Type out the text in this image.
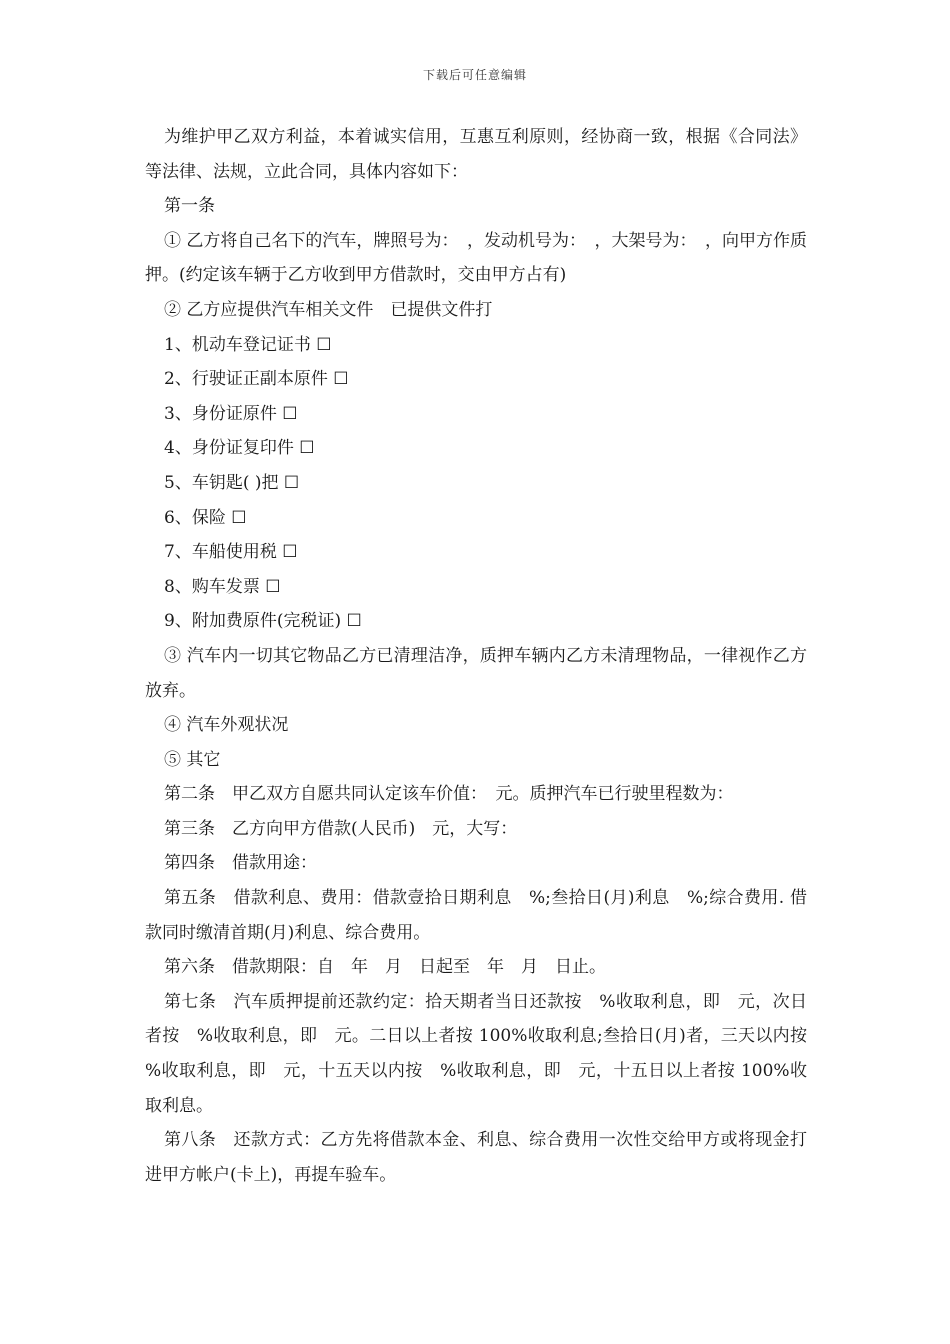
下载后可任意编辑

为维护甲乙双方利益，本着诚实信用，互惠互利原则，经协商一致，根据《合同法》等法律、法规，立此合同，具体内容如下：

第一条

① 乙方将自己名下的汽车，牌照号为：　，发动机号为：　，大架号为：　，向甲方作质押。(约定该车辆于乙方收到甲方借款时，交由甲方占有)

② 乙方应提供汽车相关文件　已提供文件打

1、机动车登记证书 ☐

2、行驶证正副本原件 ☐

3、身份证原件 ☐

4、身份证复印件 ☐

5、车钥匙( )把 ☐

6、保险 ☐

7、车船使用税 ☐

8、购车发票 ☐

9、附加费原件(完税证) ☐

③ 汽车内一切其它物品乙方已清理洁净，质押车辆内乙方未清理物品，一律视作乙方放弃。

④ 汽车外观状况

⑤ 其它

第二条　甲乙双方自愿共同认定该车价值：　元。质押汽车已行驶里程数为：

第三条　乙方向甲方借款(人民币)　元，大写：

第四条　借款用途：

第五条　借款利息、费用：借款壹拾日期利息　%;叁拾日(月)利息　%;综合费用. 借款同时缴清首期(月)利息、综合费用。

第六条　借款期限：自　年　月　日起至　年　月　日止。

第七条　汽车质押提前还款约定：拾天期者当日还款按　%收取利息，即　元，次日者按　%收取利息，即　元。二日以上者按 100%收取利息;叁拾日(月)者，三天以内按　%收取利息，即　元，十五天以内按　%收取利息，即　元，十五日以上者按 100%收取利息。

第八条　还款方式：乙方先将借款本金、利息、综合费用一次性交给甲方或将现金打进甲方帐户(卡上)，再提车验车。
